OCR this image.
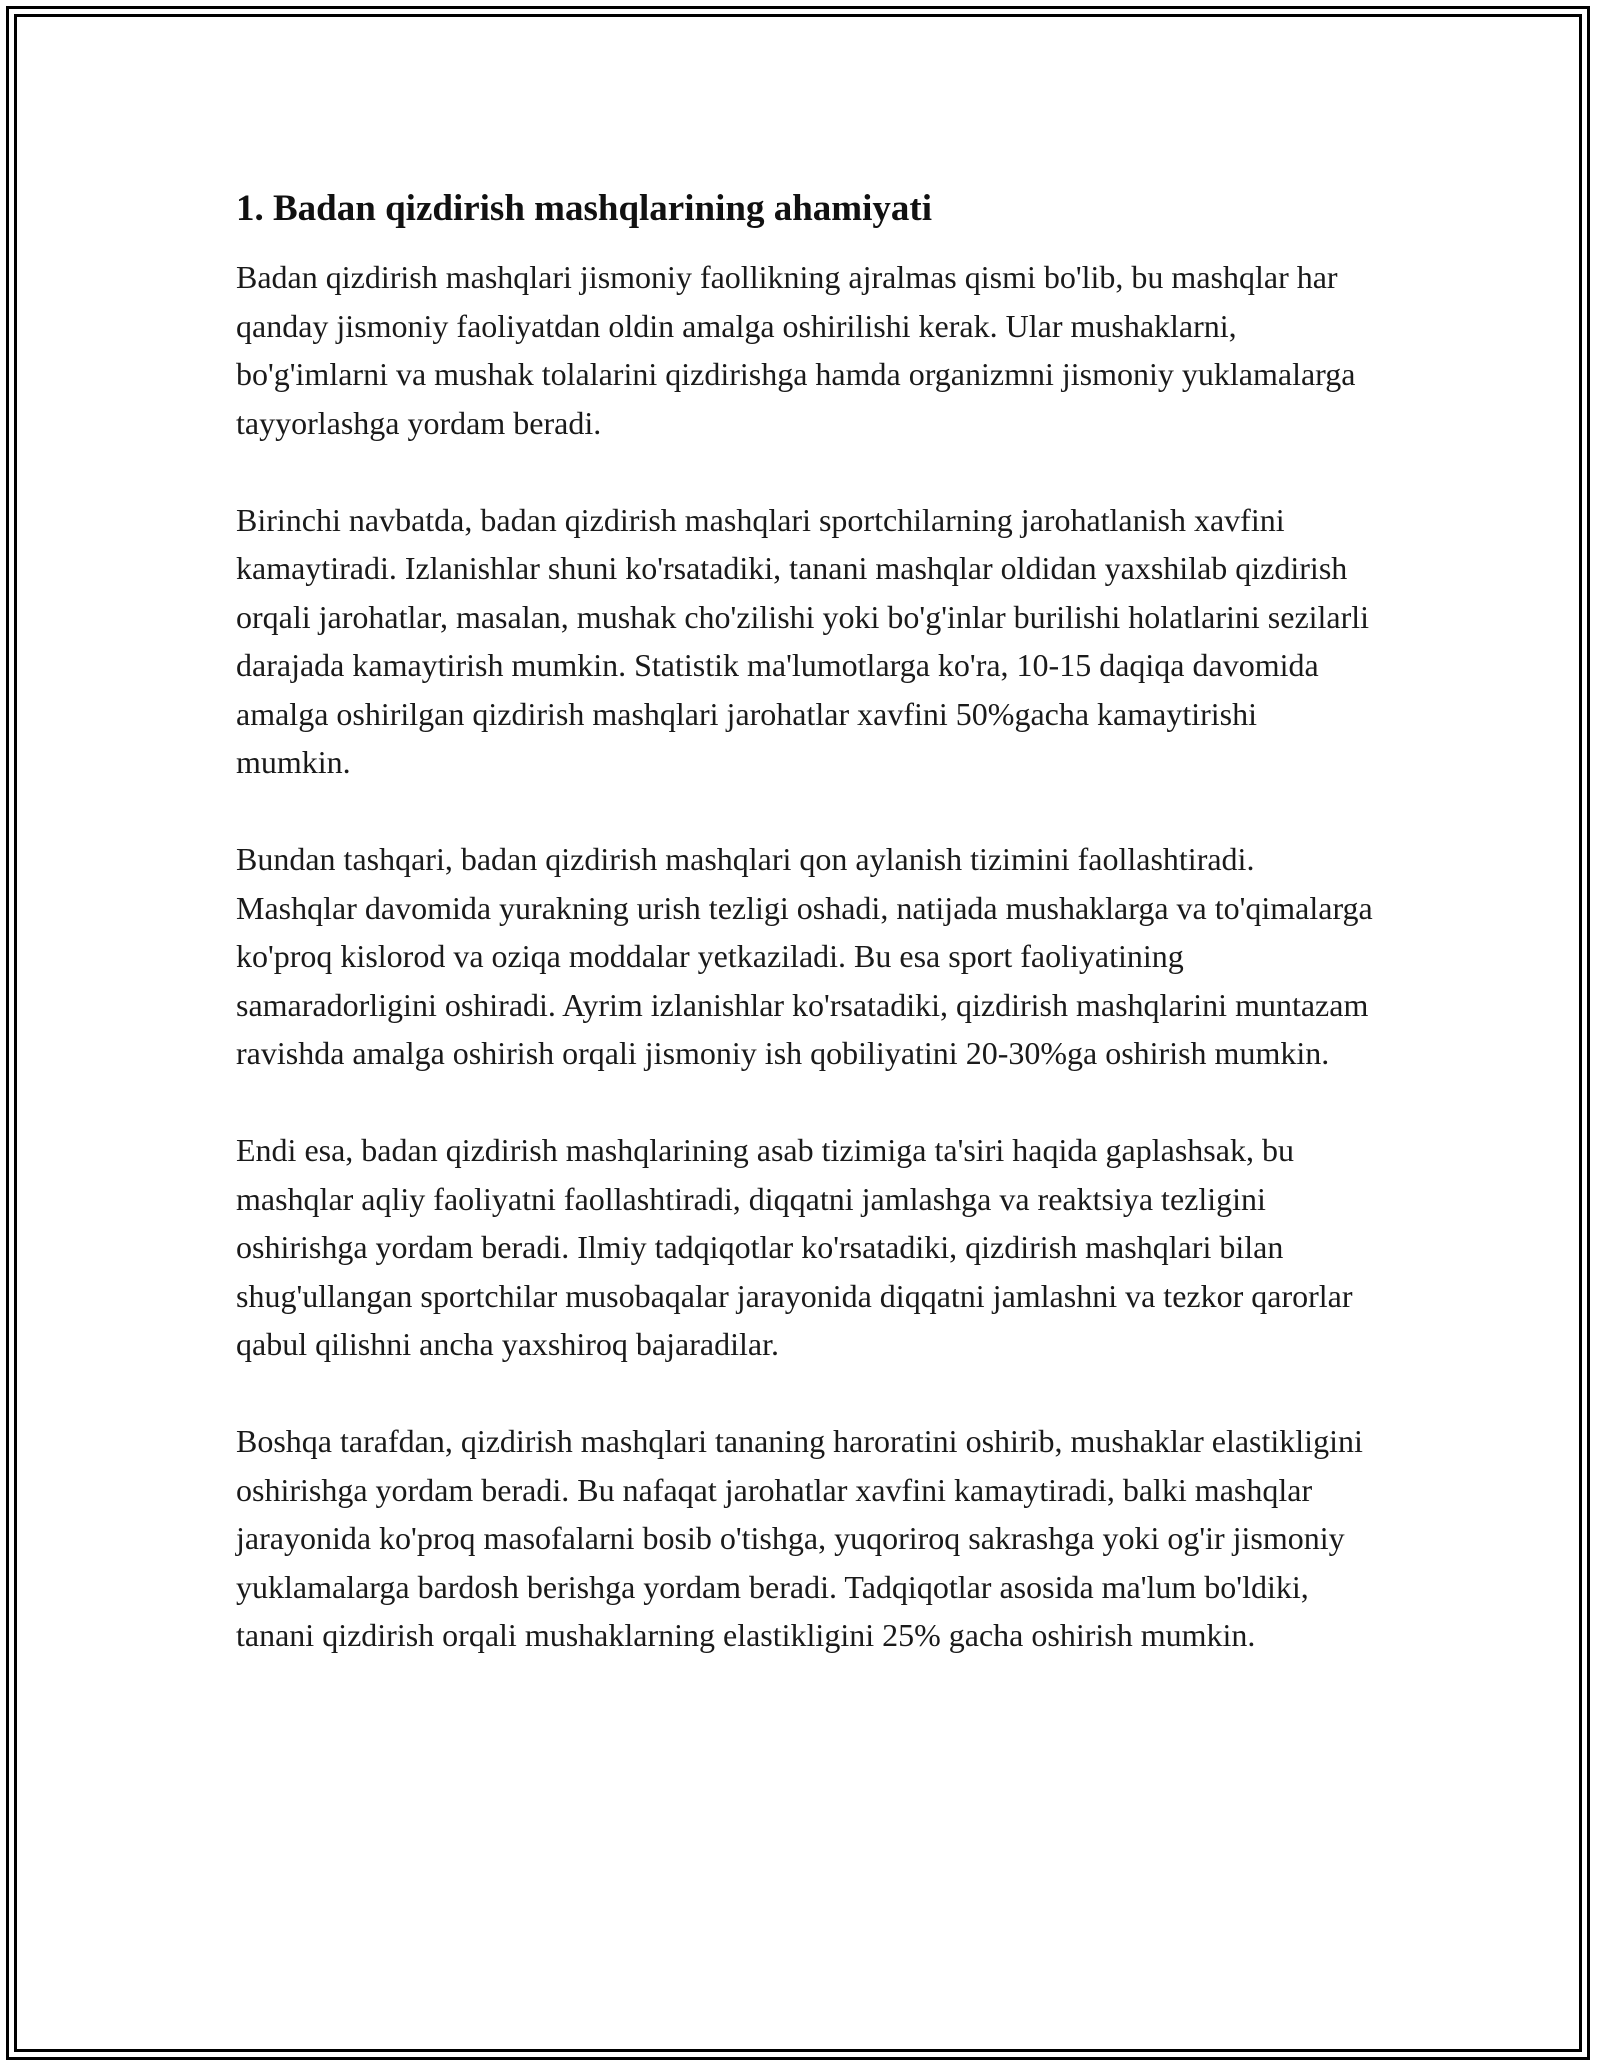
1. Badan qizdirish mashqlarining ahamiyati

Badan qizdirish mashqlari jismoniy faollikning ajralmas qismi bo'lib, bu mashqlar har qanday jismoniy faoliyatdan oldin amalga oshirilishi kerak. Ular mushaklarni, bo'g'imlarni va mushak tolalarini qizdirishga hamda organizmni jismoniy yuklamalarga tayyorlashga yordam beradi.

Birinchi navbatda, badan qizdirish mashqlari sportchilarning jarohatlanish xavfini kamaytiradi. Izlanishlar shuni ko'rsatadiki, tanani mashqlar oldidan yaxshilab qizdirish orqali jarohatlar, masalan, mushak cho'zilishi yoki bo'g'inlar burilishi holatlarini sezilarli darajada kamaytirish mumkin. Statistik ma'lumotlarga ko'ra, 10-15 daqiqa davomida amalga oshirilgan qizdirish mashqlari jarohatlar xavfini 50%gacha kamaytirishi mumkin.

Bundan tashqari, badan qizdirish mashqlari qon aylanish tizimini faollashtiradi. Mashqlar davomida yurakning urish tezligi oshadi, natijada mushaklarga va to'qimalarga ko'proq kislorod va oziqa moddalar yetkaziladi. Bu esa sport faoliyatining samaradorligini oshiradi. Ayrim izlanishlar ko'rsatadiki, qizdirish mashqlarini muntazam ravishda amalga oshirish orqali jismoniy ish qobiliyatini 20-30%ga oshirish mumkin.

Endi esa, badan qizdirish mashqlarining asab tizimiga ta'siri haqida gaplashsak, bu mashqlar aqliy faoliyatni faollashtiradi, diqqatni jamlashga va reaktsiya tezligini oshirishga yordam beradi. Ilmiy tadqiqotlar ko'rsatadiki, qizdirish mashqlari bilan shug'ullangan sportchilar musobaqalar jarayonida diqqatni jamlashni va tezkor qarorlar qabul qilishni ancha yaxshiroq bajaradilar.

Boshqa tarafdan, qizdirish mashqlari tananing haroratini oshirib, mushaklar elastikligini oshirishga yordam beradi. Bu nafaqat jarohatlar xavfini kamaytiradi, balki mashqlar jarayonida ko'proq masofalarni bosib o'tishga, yuqoriroq sakrashga yoki og'ir jismoniy yuklamalarga bardosh berishga yordam beradi. Tadqiqotlar asosida ma'lum bo'ldiki, tanani qizdirish orqali mushaklarning elastikligini 25% gacha oshirish mumkin.
